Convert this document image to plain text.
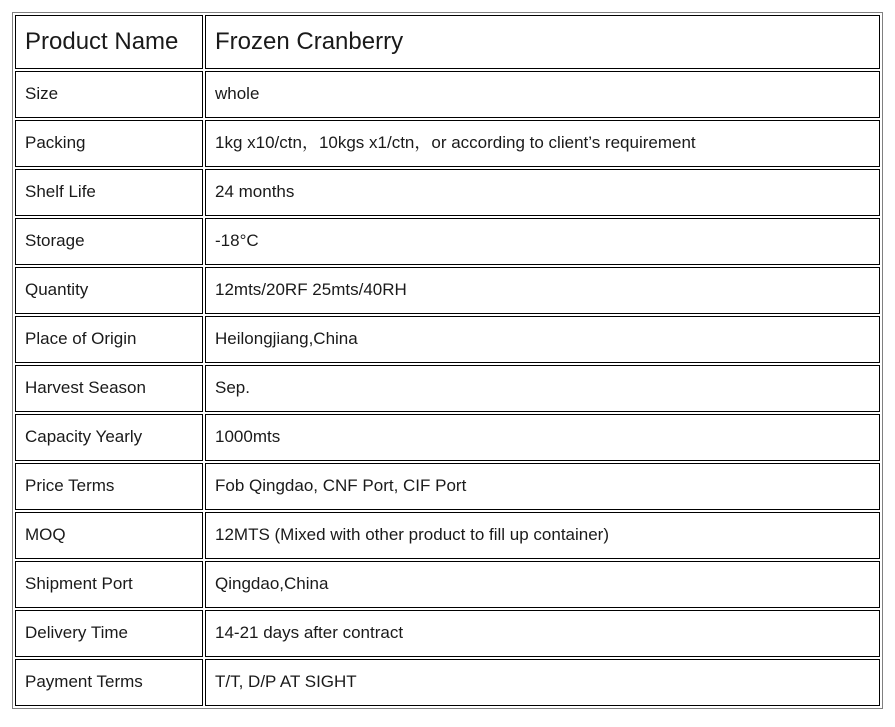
Product Name	Frozen Cranberry
Size	whole
Packing	1kg x10/ctn，10kgs x1/ctn，or according to client’s requirement
Shelf Life	24 months
Storage	-18°C
Quantity	12mts/20RF 25mts/40RH
Place of Origin	Heilongjiang,China
Harvest Season	Sep.
Capacity Yearly	1000mts
Price Terms	Fob Qingdao, CNF Port, CIF Port
MOQ	12MTS (Mixed with other product to fill up container)
Shipment Port	Qingdao,China
Delivery Time	14-21 days after contract
Payment Terms	T/T, D/P AT SIGHT
